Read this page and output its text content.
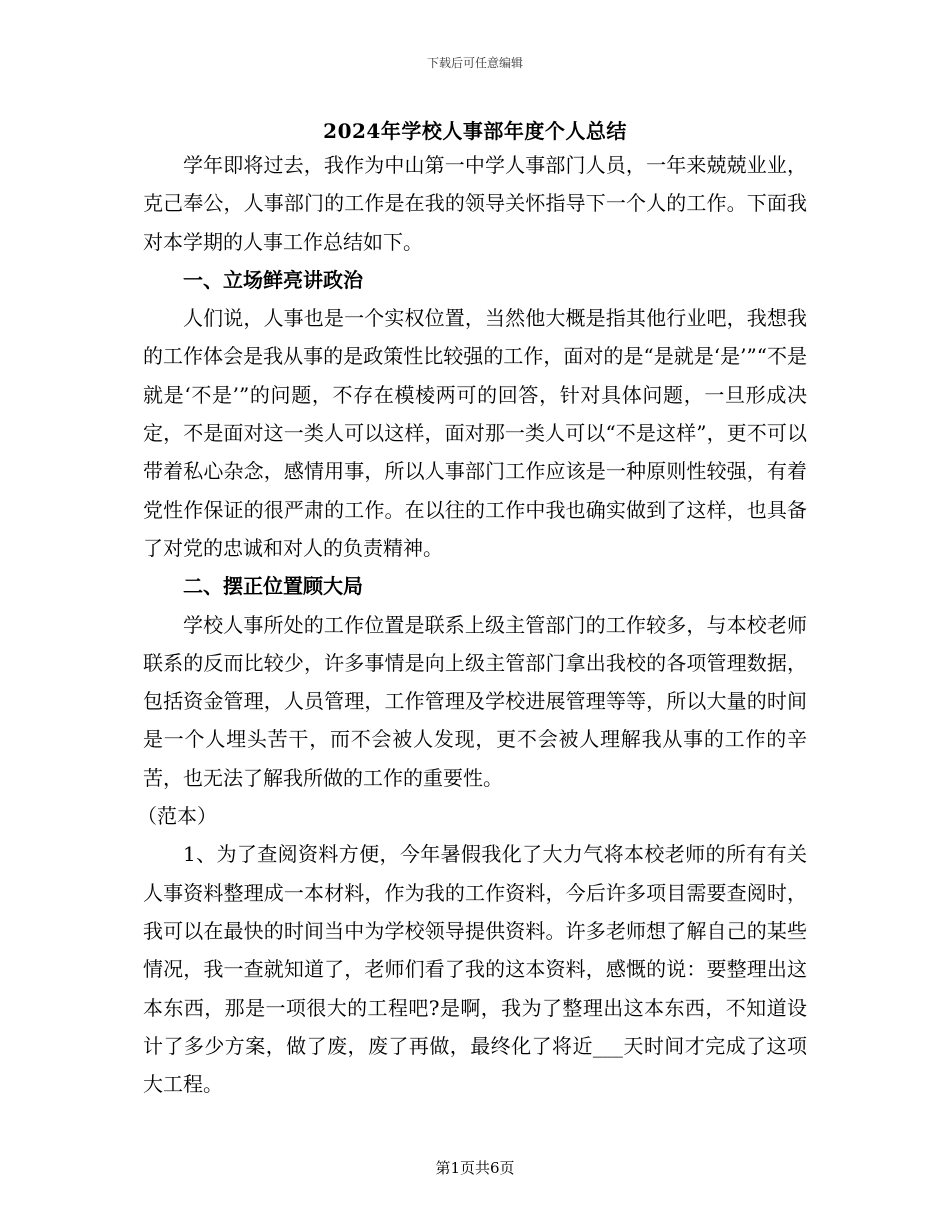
下载后可任意编辑
2024年学校人事部年度个人总结

学年即将过去，我作为中山第一中学人事部门人员，一年来兢兢业业，克己奉公，人事部门的工作是在我的领导关怀指导下一个人的工作。下面我对本学期的人事工作总结如下。

一、立场鲜亮讲政治

人们说，人事也是一个实权位置，当然他大概是指其他行业吧，我想我的工作体会是我从事的是政策性比较强的工作，面对的是“是就是‘是’”“不是就是‘不是’”的问题，不存在模棱两可的回答，针对具体问题，一旦形成决定，不是面对这一类人可以这样，面对那一类人可以“不是这样”，更不可以带着私心杂念，感情用事，所以人事部门工作应该是一种原则性较强，有着党性作保证的很严肃的工作。在以往的工作中我也确实做到了这样，也具备了对党的忠诚和对人的负责精神。

二、摆正位置顾大局

学校人事所处的工作位置是联系上级主管部门的工作较多，与本校老师联系的反而比较少，许多事情是向上级主管部门拿出我校的各项管理数据，包括资金管理，人员管理，工作管理及学校进展管理等等，所以大量的时间是一个人埋头苦干，而不会被人发现，更不会被人理解我从事的工作的辛苦，也无法了解我所做的工作的重要性。

（范本）

1、为了查阅资料方便，今年暑假我化了大力气将本校老师的所有有关人事资料整理成一本材料，作为我的工作资料，今后许多项目需要查阅时，我可以在最快的时间当中为学校领导提供资料。许多老师想了解自己的某些情况，我一查就知道了，老师们看了我的这本资料，感慨的说：要整理出这本东西，那是一项很大的工程吧?是啊，我为了整理出这本东西，不知道设计了多少方案，做了废，废了再做，最终化了将近___天时间才完成了这项大工程。

第1页共6页
